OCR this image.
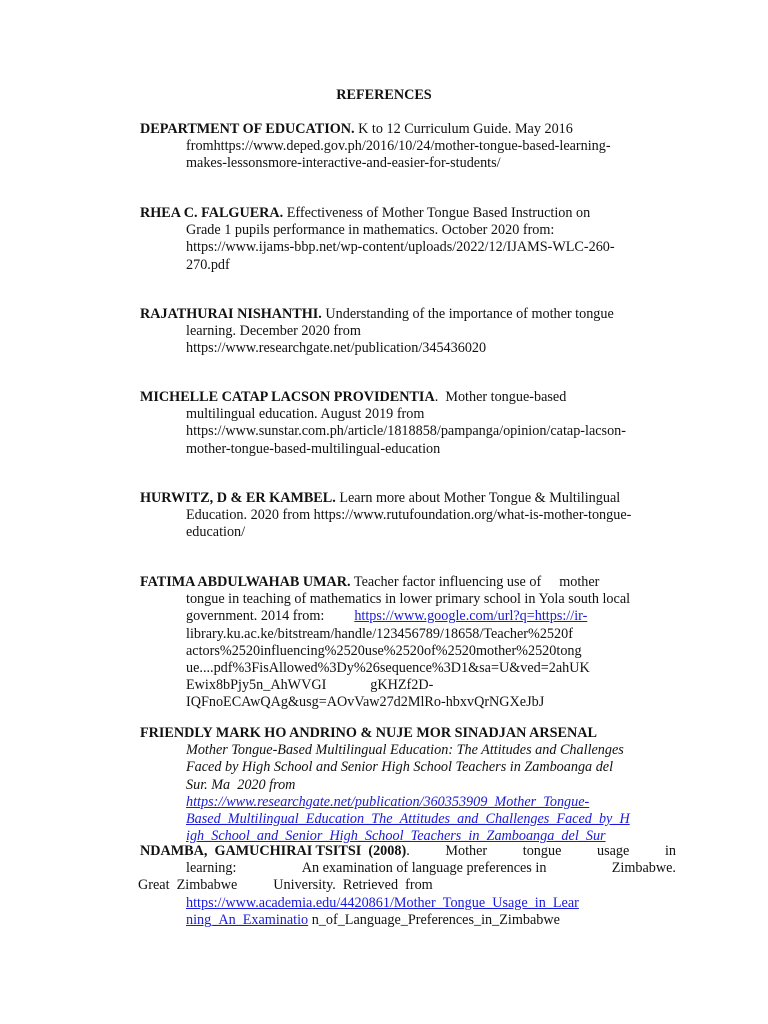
REFERENCES
DEPARTMENT OF EDUCATION. K to 12 Curriculum Guide. May 2016
fromhttps://www.deped.gov.ph/2016/10/24/mother-tongue-based-learning-
makes-lessonsmore-interactive-and-easier-for-students/
RHEA C. FALGUERA. Effectiveness of Mother Tongue Based Instruction on
Grade 1 pupils performance in mathematics. October 2020 from:
https://www.ijams-bbp.net/wp-content/uploads/2022/12/IJAMS-WLC-260-
270.pdf
RAJATHURAI NISHANTHI. Understanding of the importance of mother tongue
learning. December 2020 from
https://www.researchgate.net/publication/345436020
MICHELLE CATAP LACSON PROVIDENTIA.  Mother tongue-based
multilingual education. August 2019 from
https://www.sunstar.com.ph/article/1818858/pampanga/opinion/catap-lacson-
mother-tongue-based-multilingual-education
HURWITZ, D & ER KAMBEL. Learn more about Mother Tongue & Multilingual
Education. 2020 from https://www.rutufoundation.org/what-is-mother-tongue-
education/
FATIMA ABDULWAHAB UMAR. Teacher factor influencing use of mother
tongue in teaching of mathematics in lower primary school in Yola south local
government. 2014 from: https://www.google.com/url?q=https://ir-
library.ku.ac.ke/bitstream/handle/123456789/18658/Teacher%2520f
actors%2520influencing%2520use%2520of%2520mother%2520tong
ue....pdf%3FisAllowed%3Dy%26sequence%3D1&sa=U&ved=2ahUK
Ewix8bPjy5n_AhWVGI	gKHZf2D-
IQFnoECAwQAg&usg=AOvVaw27d2MlRo-hbxvQrNGXeJbJ
FRIENDLY MARK HO ANDRINO & NUJE MOR SINADJAN ARSENAL
Mother Tongue-Based Multilingual Education: The Attitudes and Challenges
Faced by High School and Senior High School Teachers in Zamboanga del
Sur. Ma  2020 from
https://www.researchgate.net/publication/360353909_Mother_Tongue-
Based_Multilingual_Education_The_Attitudes_and_Challenges_Faced_by_H
igh_School_and_Senior_High_School_Teachers_in_Zamboanga_del_Sur
NDAMBA, GAMUCHIRAI TSITSI (2008).	Mother	tongue	usage	in
learning:	An examination of language preferences in	Zimbabwe.
Great  Zimbabwe	University.  Retrieved  from
https://www.academia.edu/4420861/Mother_Tongue_Usage_in_Lear
ning_An_Examinatio n_of_Language_Preferences_in_Zimbabwe
